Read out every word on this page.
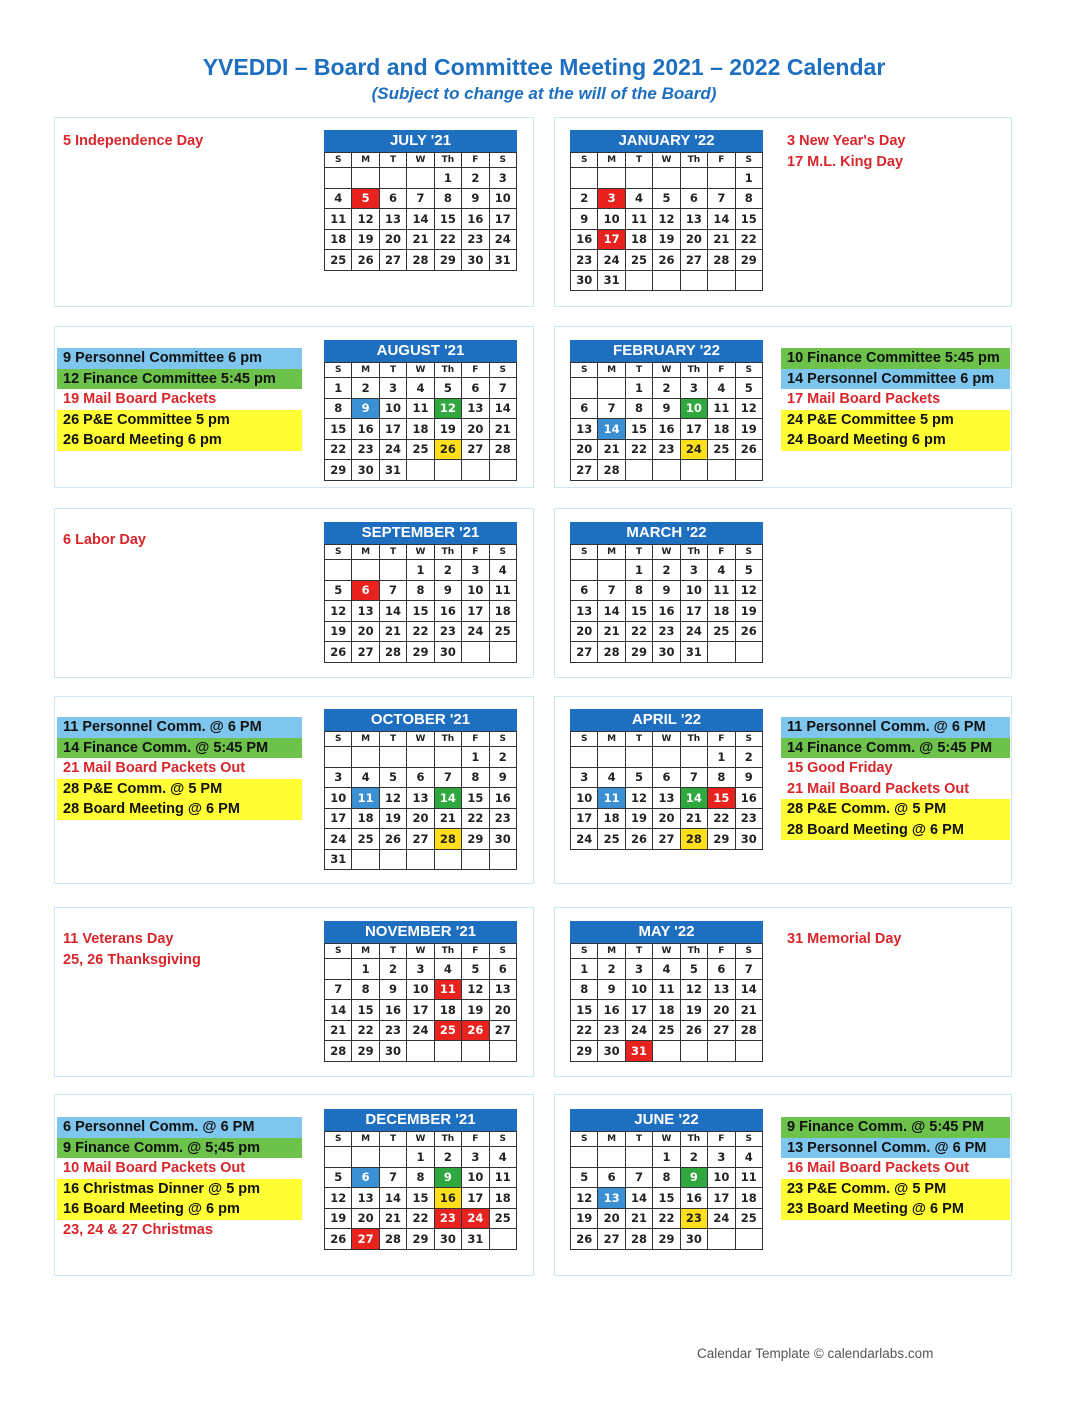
YVEDDI – Board and Committee Meeting 2021 – 2022 Calendar
(Subject to change at the will of the Board)
JULY '21
S	M	T	W	Th	F	S
				1	2	3
4	5	6	7	8	9	10
11	12	13	14	15	16	17
18	19	20	21	22	23	24
25	26	27	28	29	30	31
5 Independence Day	JANUARY '22
S	M	T	W	Th	F	S
						1
2	3	4	5	6	7	8
9	10	11	12	13	14	15
16	17	18	19	20	21	22
23	24	25	26	27	28	29
30	31					
3 New Year's Day
17 M.L. King Day
AUGUST '21
S	M	T	W	Th	F	S
1	2	3	4	5	6	7
8	9	10	11	12	13	14
15	16	17	18	19	20	21
22	23	24	25	26	27	28
29	30	31				
9 Personnel Committee 6 pm
12 Finance Committee 5:45 pm
19 Mail Board Packets
26 P&E Committee 5 pm
26 Board Meeting 6 pm
FEBRUARY '22
S	M	T	W	Th	F	S
		1	2	3	4	5
6	7	8	9	10	11	12
13	14	15	16	17	18	19
20	21	22	23	24	25	26
27	28					
10 Finance Committee 5:45 pm
14 Personnel Committee 6 pm
17 Mail Board Packets
24 P&E Committee 5 pm
24 Board Meeting 6 pm
SEPTEMBER '21
S	M	T	W	Th	F	S
			1	2	3	4
5	6	7	8	9	10	11
12	13	14	15	16	17	18
19	20	21	22	23	24	25
26	27	28	29	30		
6 Labor Day	MARCH '22
S	M	T	W	Th	F	S
		1	2	3	4	5
6	7	8	9	10	11	12
13	14	15	16	17	18	19
20	21	22	23	24	25	26
27	28	29	30	31		
OCTOBER '21
S	M	T	W	Th	F	S
					1	2
3	4	5	6	7	8	9
10	11	12	13	14	15	16
17	18	19	20	21	22	23
24	25	26	27	28	29	30
31						
11 Personnel Comm. @ 6 PM
14 Finance Comm. @ 5:45 PM
21 Mail Board Packets Out
28 P&E Comm. @ 5 PM
28 Board Meeting @ 6 PM
APRIL '22
S	M	T	W	Th	F	S
					1	2
3	4	5	6	7	8	9
10	11	12	13	14	15	16
17	18	19	20	21	22	23
24	25	26	27	28	29	30
11 Personnel Comm. @ 6 PM
14 Finance Comm. @ 5:45 PM
15 Good Friday
21 Mail Board Packets Out
28 P&E Comm. @ 5 PM
28 Board Meeting @ 6 PM
NOVEMBER '21
S	M	T	W	Th	F	S
	1	2	3	4	5	6
7	8	9	10	11	12	13
14	15	16	17	18	19	20
21	22	23	24	25	26	27
28	29	30				
11 Veterans Day
25, 26 Thanksgiving
MAY '22
S	M	T	W	Th	F	S
1	2	3	4	5	6	7
8	9	10	11	12	13	14
15	16	17	18	19	20	21
22	23	24	25	26	27	28
29	30	31				
31 Memorial Day
DECEMBER '21
S	M	T	W	Th	F	S
			1	2	3	4
5	6	7	8	9	10	11
12	13	14	15	16	17	18
19	20	21	22	23	24	25
26	27	28	29	30	31	
6 Personnel Comm. @ 6 PM
9 Finance Comm. @ 5;45 pm
10 Mail Board Packets Out
16 Christmas Dinner @ 5 pm
16 Board Meeting @ 6 pm
23, 24 & 27 Christmas
JUNE '22
S	M	T	W	Th	F	S
			1	2	3	4
5	6	7	8	9	10	11
12	13	14	15	16	17	18
19	20	21	22	23	24	25
26	27	28	29	30		
9 Finance Comm. @ 5:45 PM
13 Personnel Comm. @ 6 PM
16 Mail Board Packets Out
23 P&E Comm. @ 5 PM
23 Board Meeting @ 6 PM
Calendar Template © calendarlabs.com
